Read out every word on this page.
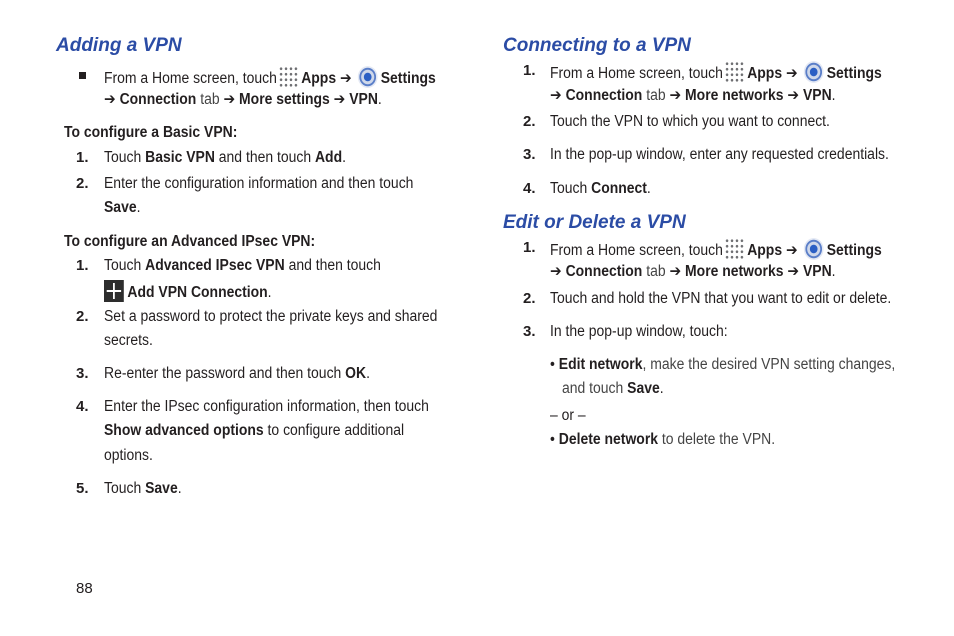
Adding a VPN
From a Home screen, touch Apps ➔ Settings
➔ Connection tab ➔ More settings ➔ VPN.
To configure a Basic VPN:
1. Touch Basic VPN and then touch Add.
2. Enter the configuration information and then touch
Save.
To configure an Advanced IPsec VPN:
1. Touch Advanced IPsec VPN and then touch
Add VPN Connection.
2. Set a password to protect the private keys and shared
secrets.
3. Re-enter the password and then touch OK.
4. Enter the IPsec configuration information, then touch
Show advanced options to configure additional
options.
5. Touch Save.
Connecting to a VPN
1. From a Home screen, touch Apps ➔ Settings
➔ Connection tab ➔ More networks ➔ VPN.
2. Touch the VPN to which you want to connect.
3. In the pop-up window, enter any requested credentials.
4. Touch Connect.
Edit or Delete a VPN
1. From a Home screen, touch Apps ➔ Settings
➔ Connection tab ➔ More networks ➔ VPN.
2. Touch and hold the VPN that you want to edit or delete.
3. In the pop-up window, touch:
• Edit network, make the desired VPN setting changes,
and touch Save.
– or –
• Delete network to delete the VPN.
88
